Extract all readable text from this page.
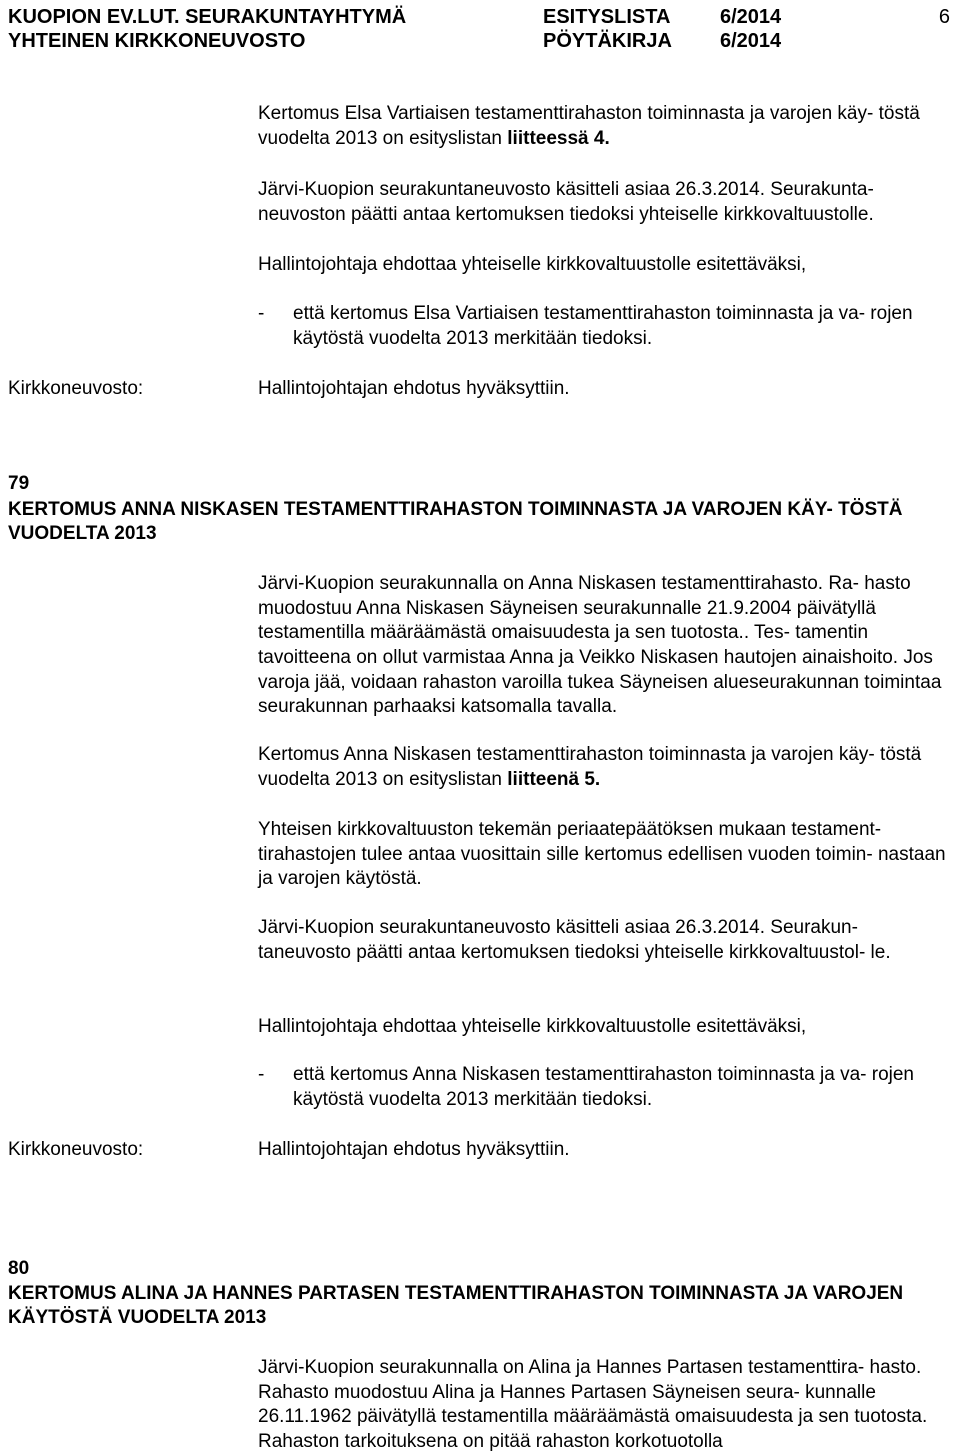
KUOPION EV.LUT. SEURAKUNTAYHTYMÄ	ESITYSLISTA 6/2014	6
YHTEINEN KIRKKONEUVOSTO	PÖYTÄKIRJA 6/2014

Kertomus Elsa Vartiaisen testamenttirahaston toiminnasta ja varojen käy- töstä vuodelta 2013 on esityslistan liitteessä 4.

Järvi-Kuopion seurakuntaneuvosto käsitteli asiaa 26.3.2014. Seurakunta- neuvoston päätti antaa kertomuksen tiedoksi yhteiselle kirkkovaltuustolle.

Hallintojohtaja ehdottaa yhteiselle kirkkovaltuustolle esitettäväksi,

- että kertomus Elsa Vartiaisen testamenttirahaston toiminnasta ja va- rojen käytöstä vuodelta 2013 merkitään tiedoksi.

Kirkkoneuvosto:	Hallintojohtajan ehdotus hyväksyttiin.

79

KERTOMUS ANNA NISKASEN TESTAMENTTIRAHASTON TOIMINNASTA JA VAROJEN KÄY- TÖSTÄ VUODELTA 2013

Järvi-Kuopion seurakunnalla on Anna Niskasen testamenttirahasto. Ra- hasto muodostuu Anna Niskasen Säyneisen seurakunnalle 21.9.2004 päivätyllä testamentilla määräämästä omaisuudesta ja sen tuotosta.. Tes- tamentin tavoitteena on ollut varmistaa Anna ja Veikko Niskasen hautojen ainaishoito. Jos varoja jää, voidaan rahaston varoilla tukea Säyneisen alueseurakunnan toimintaa seurakunnan parhaaksi katsomalla tavalla.

Kertomus Anna Niskasen testamenttirahaston toiminnasta ja varojen käy- töstä vuodelta 2013 on esityslistan liitteenä 5.

Yhteisen kirkkovaltuuston tekemän periaatepäätöksen mukaan testament- tirahastojen tulee antaa vuosittain sille kertomus edellisen vuoden toimin- nastaan ja varojen käytöstä.

Järvi-Kuopion seurakuntaneuvosto käsitteli asiaa 26.3.2014. Seurakun- taneuvosto päätti antaa kertomuksen tiedoksi yhteiselle kirkkovaltuustol- le.

Hallintojohtaja ehdottaa yhteiselle kirkkovaltuustolle esitettäväksi,

- että kertomus Anna Niskasen testamenttirahaston toiminnasta ja va- rojen käytöstä vuodelta 2013 merkitään tiedoksi.

Kirkkoneuvosto:	Hallintojohtajan ehdotus hyväksyttiin.

80

KERTOMUS ALINA JA HANNES PARTASEN TESTAMENTTIRAHASTON TOIMINNASTA JA VAROJEN KÄYTÖSTÄ VUODELTA 2013

Järvi-Kuopion seurakunnalla on Alina ja Hannes Partasen testamenttira- hasto. Rahasto muodostuu Alina ja Hannes Partasen Säyneisen seura- kunnalle 26.11.1962 päivätyllä testamentilla määräämästä omaisuudesta ja sen tuotosta. Rahaston tarkoituksena on pitää rahaston korkotuotolla
